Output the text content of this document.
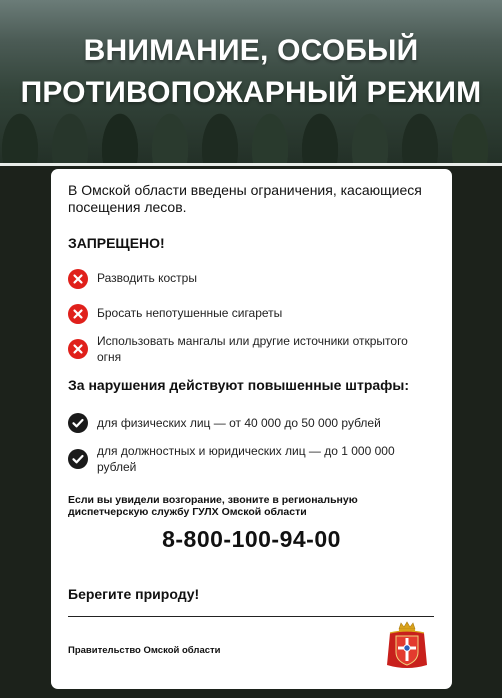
ВНИМАНИЕ, ОСОБЫЙ
ПРОТИВОПОЖАРНЫЙ РЕЖИМ
В Омской области введены ограничения, касающиеся посещения лесов.
ЗАПРЕЩЕНО!
Разводить костры
Бросать непотушенные сигареты
Использовать мангалы или другие источники открытого огня
За нарушения действуют повышенные штрафы:
для физических лиц — от 40 000 до 50 000 рублей
для должностных и юридических лиц — до 1 000 000 рублей
Если вы увидели возгорание, звоните в региональную диспетчерскую службу ГУЛХ Омской области
8-800-100-94-00
Берегите природу!
Правительство Омской области
